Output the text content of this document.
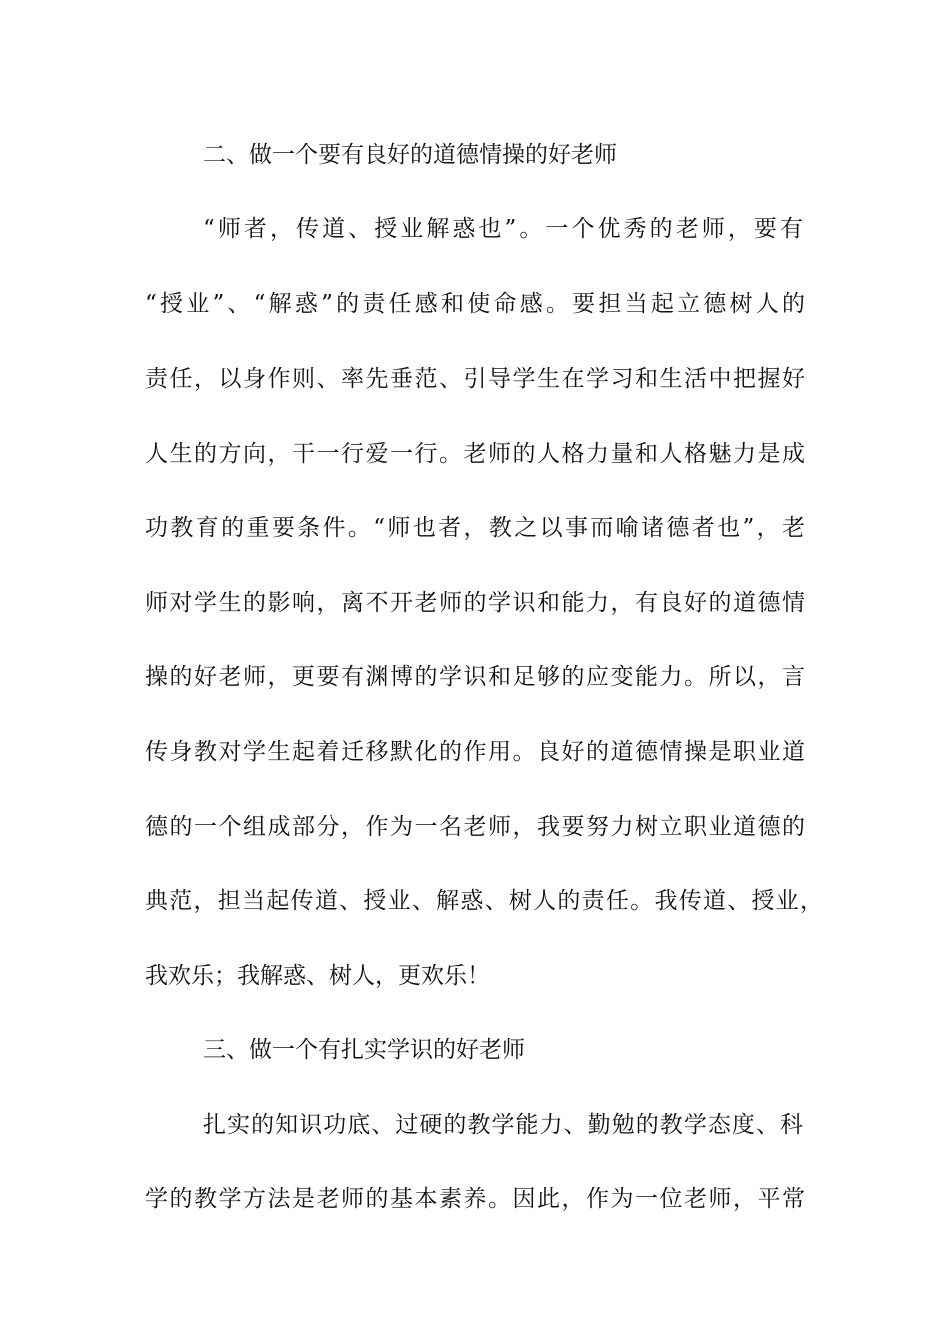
二、做一个要有良好的道德情操的好老师
“师者，传道、授业解惑也”。一个优秀的老师，要有
“授业”、“解惑”的责任感和使命感。要担当起立德树人的
责任，以身作则、率先垂范、引导学生在学习和生活中把握好
人生的方向，干一行爱一行。老师的人格力量和人格魅力是成
功教育的重要条件。“师也者，教之以事而喻诸德者也”，老
师对学生的影响，离不开老师的学识和能力，有良好的道德情
操的好老师，更要有渊博的学识和足够的应变能力。所以，言
传身教对学生起着迁移默化的作用。良好的道德情操是职业道
德的一个组成部分，作为一名老师，我要努力树立职业道德的
典范，担当起传道、授业、解惑、树人的责任。我传道、授业，
我欢乐；我解惑、树人，更欢乐！
三、做一个有扎实学识的好老师
扎实的知识功底、过硬的教学能力、勤勉的教学态度、科
学的教学方法是老师的基本素养。因此，作为一位老师，平常
